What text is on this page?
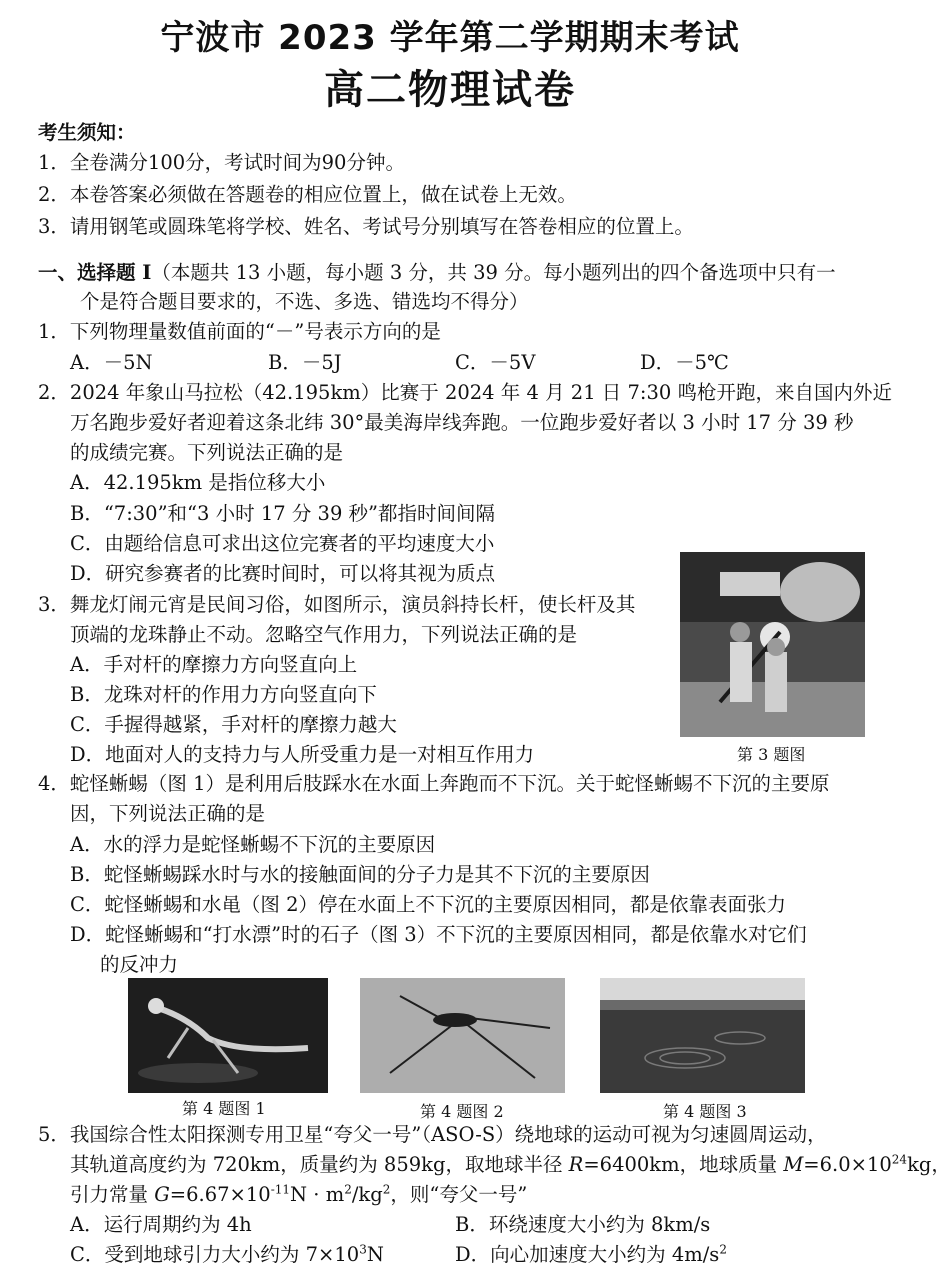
宁波市 2023 学年第二学期期末考试
高二物理试卷
考生须知：
1．全卷满分100分，考试时间为90分钟。
2．本卷答案必须做在答题卷的相应位置上，做在试卷上无效。
3．请用钢笔或圆珠笔将学校、姓名、考试号分别填写在答卷相应的位置上。
一、选择题 I（本题共 13 小题，每小题 3 分，共 39 分。每小题列出的四个备选项中只有一
个是符合题目要求的，不选、多选、错选均不得分）
1．下列物理量数值前面的“－”号表示方向的是
A．－5N	B．－5J	C．－5V	D．－5℃
2．2024 年象山马拉松（42.195km）比赛于 2024 年 4 月 21 日 7:30 鸣枪开跑，来自国内外近
万名跑步爱好者迎着这条北纬 30°最美海岸线奔跑。一位跑步爱好者以 3 小时 17 分 39 秒
的成绩完赛。下列说法正确的是
A．42.195km 是指位移大小
B．“7:30”和“3 小时 17 分 39 秒”都指时间间隔
C．由题给信息可求出这位完赛者的平均速度大小
D．研究参赛者的比赛时间时，可以将其视为质点
第 3 题图
3．舞龙灯闹元宵是民间习俗，如图所示，演员斜持长杆，使长杆及其
顶端的龙珠静止不动。忽略空气作用力，下列说法正确的是
A．手对杆的摩擦力方向竖直向上
B．龙珠对杆的作用力方向竖直向下
C．手握得越紧，手对杆的摩擦力越大
D．地面对人的支持力与人所受重力是一对相互作用力
4．蛇怪蜥蜴（图 1）是利用后肢踩水在水面上奔跑而不下沉。关于蛇怪蜥蜴不下沉的主要原
因，下列说法正确的是
A．水的浮力是蛇怪蜥蜴不下沉的主要原因
B．蛇怪蜥蜴踩水时与水的接触面间的分子力是其不下沉的主要原因
C．蛇怪蜥蜴和水黾（图 2）停在水面上不下沉的主要原因相同，都是依靠表面张力
D．蛇怪蜥蜴和“打水漂”时的石子（图 3）不下沉的主要原因相同，都是依靠水对它们
的反冲力
第 4 题图 1	第 4 题图 2	第 4 题图 3
5．我国综合性太阳探测专用卫星“夸父一号”（ASO-S）绕地球的运动可视为匀速圆周运动，
其轨道高度约为 720km，质量约为 859kg，取地球半径 R=6400km，地球质量 $M=6.0\times 10^{24}kg$，
引力常量 $G=6.67\times 10^{-11}N \cdot m^2/kg^2$，则“夸父一号”
A．运行周期约为 4h	B．环绕速度大小约为 8km/s
C．受到地球引力大小约为 $7\times 10^3N$	D．向心加速度大小约为 $4m/s^2$
